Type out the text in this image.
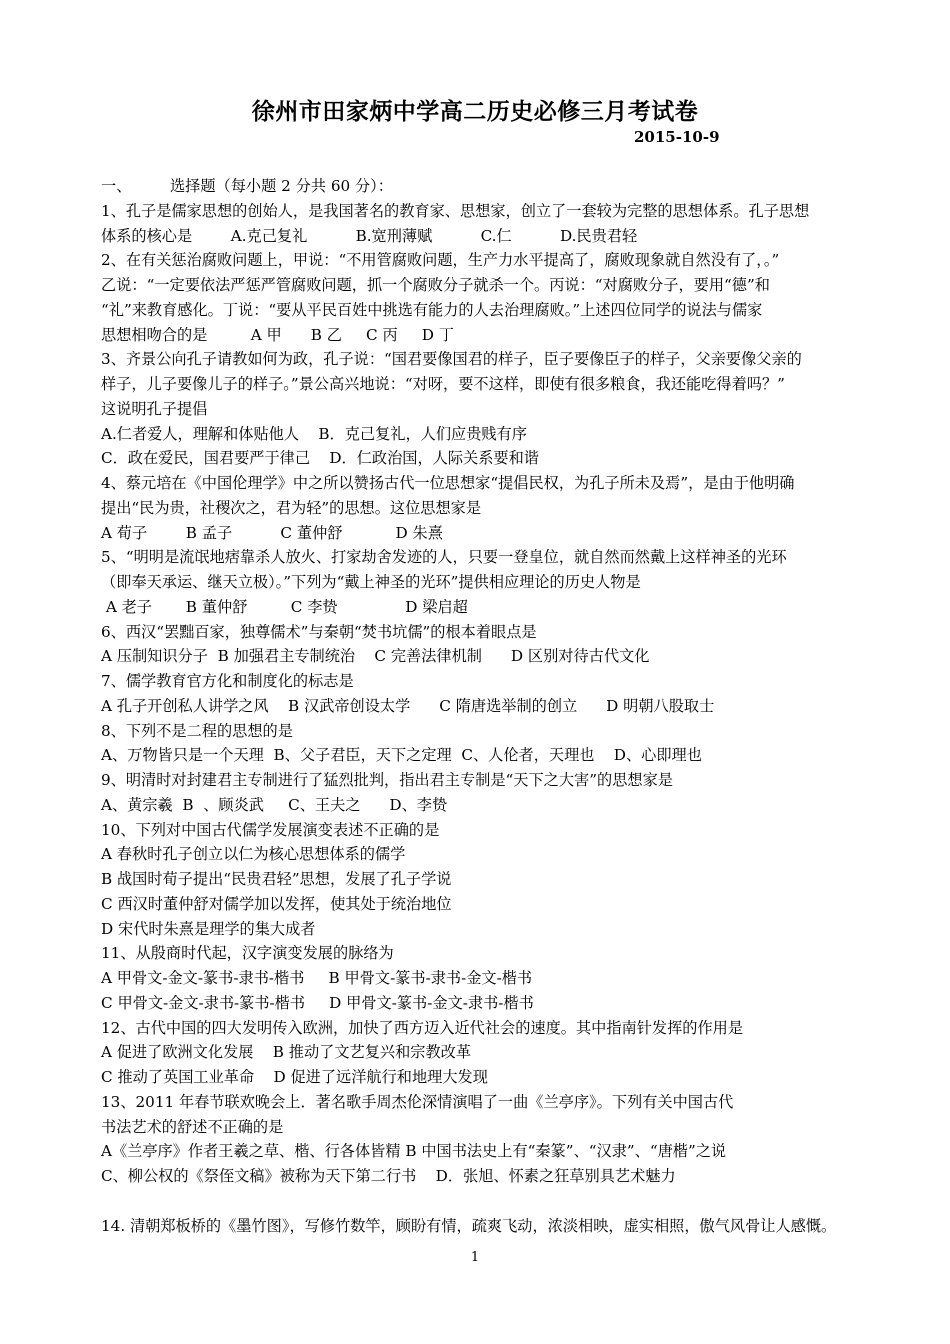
徐州市田家炳中学高二历史必修三月考试卷
2015-10-9
一、        选择题（每小题 2 分共 60 分）：
1、孔子是儒家思想的创始人，是我国著名的教育家、思想家，创立了一套较为完整的思想体系。孔子思想
体系的核心是        A.克己复礼          B.宽刑薄赋          C.仁          D.民贵君轻
2、在有关惩治腐败问题上，甲说：“不用管腐败问题，生产力水平提高了，腐败现象就自然没有了，。”
乙说：“一定要依法严惩严管腐败问题，抓一个腐败分子就杀一个。丙说：“对腐败分子，要用“德”和
“礼”来教育感化。丁说：“要从平民百姓中挑选有能力的人去治理腐败。”上述四位同学的说法与儒家
思想相吻合的是         A 甲      B 乙     C 丙     D 丁
3、齐景公向孔子请教如何为政，孔子说：“国君要像国君的样子，臣子要像臣子的样子，父亲要像父亲的
样子，儿子要像儿子的样子。”景公高兴地说：“对呀，要不这样，即使有很多粮食，我还能吃得着吗？”
这说明孔子提倡
A.仁者爱人，理解和体贴他人    B．克己复礼，人们应贵贱有序
C．政在爱民，国君要严于律己    D．仁政治国，人际关系要和谐
4、蔡元培在《中国伦理学》中之所以赞扬古代一位思想家“提倡民权，为孔子所未及焉”，是由于他明确
提出“民为贵，社稷次之，君为轻”的思想。这位思想家是
A 荀子        B 孟子          C 董仲舒           D 朱熹
5、“明明是流氓地痞靠杀人放火、打家劫舍发迹的人，只要一登皇位，就自然而然戴上这样神圣的光环
（即奉天承运、继天立极）。”下列为“戴上神圣的光环”提供相应理论的历史人物是
A 老子       B 董仲舒         C 李贽              D 梁启超
6、西汉“罢黜百家，独尊儒术”与秦朝“焚书坑儒”的根本着眼点是
A 压制知识分子  B 加强君主专制统治    C 完善法律机制      D 区别对待古代文化
7、儒学教育官方化和制度化的标志是
A 孔子开创私人讲学之风    B 汉武帝创设太学      C 隋唐选举制的创立      D 明朝八股取士
8、下列不是二程的思想的是
A、万物皆只是一个天理  B、父子君臣，天下之定理  C、人伦者，天理也    D、心即理也
9、明清时对封建君主专制进行了猛烈批判，指出君主专制是“天下之大害”的思想家是
A、黄宗羲  B  、顾炎武     C、王夫之      D、李贽
10、下列对中国古代儒学发展演变表述不正确的是
A 春秋时孔子创立以仁为核心思想体系的儒学
B 战国时荀子提出“民贵君轻”思想，发展了孔子学说
C 西汉时董仲舒对儒学加以发挥，使其处于统治地位
D 宋代时朱熹是理学的集大成者
11、从殷商时代起，汉字演变发展的脉络为
A 甲骨文-金文-篆书-隶书-楷书     B 甲骨文-篆书-隶书-金文-楷书
C 甲骨文-金文-隶书-篆书-楷书     D 甲骨文-篆书-金文-隶书-楷书
12、古代中国的四大发明传入欧洲，加快了西方迈入近代社会的速度。其中指南针发挥的作用是
A 促进了欧洲文化发展    B 推动了文艺复兴和宗教改革
C 推动了英国工业革命    D 促进了远洋航行和地理大发现
13、2011 年春节联欢晚会上．著名歌手周杰伦深情演唱了一曲《兰亭序》。下列有关中国古代
书法艺术的舒述不正确的是
A《兰亭序》作者王羲之草、楷、行各体皆精 B 中国书法史上有“秦篆”、“汉隶”、“唐楷”之说
C、柳公权的《祭侄文稿》被称为天下第二行书    D．张旭、怀素之狂草别具艺术魅力
14. 清朝郑板桥的《墨竹图》，写修竹数竿，顾盼有情，疏爽飞动，浓淡相映，虚实相照，傲气风骨让人感慨。
1
